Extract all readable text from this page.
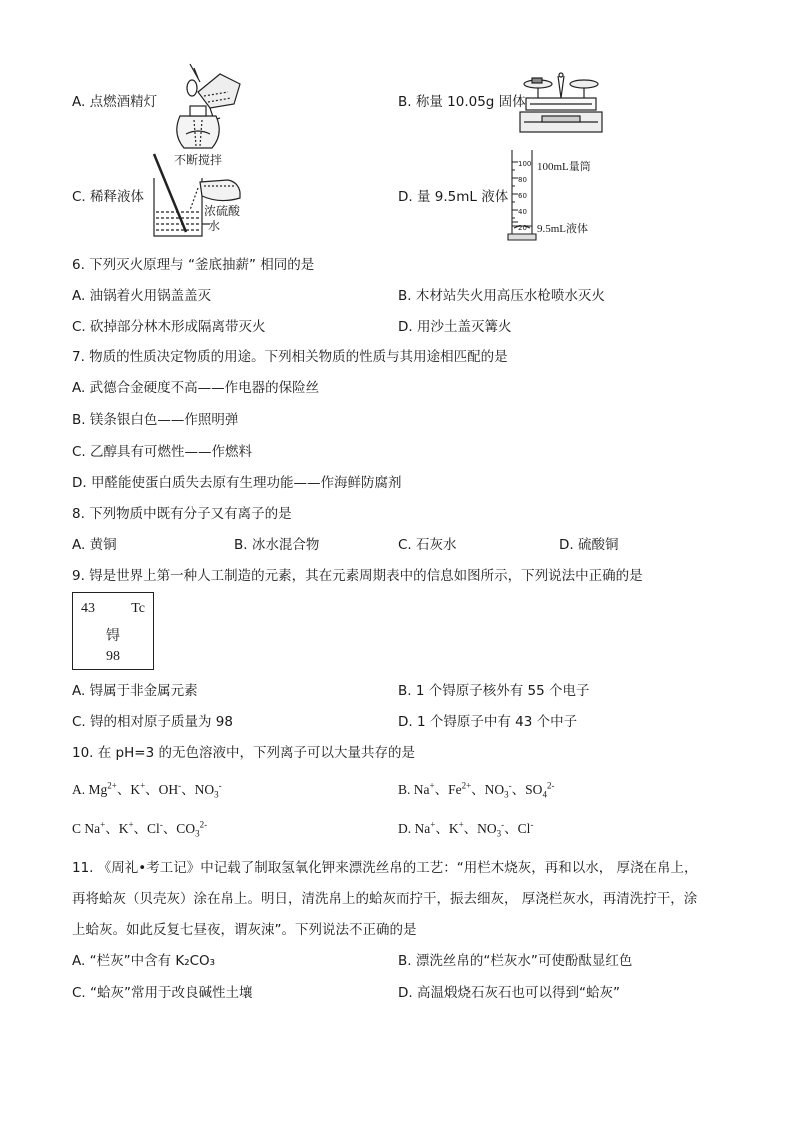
A. 点燃酒精灯	B. 称量 10.05g 固体
C. 稀释液体	D. 量 9.5mL 液体
不断搅拌
浓硫酸
水
100
80
60
40
20
100mL量筒
9.5mL液体
6. 下列灭火原理与 “釜底抽薪” 相同的是
A. 油锅着火用锅盖盖灭	B. 木材站失火用高压水枪喷水灭火
C. 砍掉部分林木形成隔离带灭火	D. 用沙土盖灭篝火
7. 物质的性质决定物质的用途。下列相关物质的性质与其用途相匹配的是
A. 武德合金硬度不高——作电器的保险丝
B. 镁条银白色——作照明弹
C. 乙醇具有可燃性——作燃料
D. 甲醛能使蛋白质失去原有生理功能——作海鲜防腐剂
8. 下列物质中既有分子又有离子的是
A. 黄铜	B. 冰水混合物	C. 石灰水	D. 硫酸铜
9. 锝是世界上第一种人工制造的元素，其在元素周期表中的信息如图所示，下列说法中正确的是
43	Tc
锝
98
A. 锝属于非金属元素	B. 1 个锝原子核外有 55 个电子
C. 锝的相对原子质量为 98	D. 1 个锝原子中有 43 个中子
10. 在 pH=3 的无色溶液中，下列离子可以大量共存的是
A. $Mg^{2+}$、K+、OH-、$NO_3^-$	B. Na+、$Fe^{2+}$、$NO_3^-$、$SO_4^{2-}$
C Na+、K+、Cl-、$CO_3^{2-}$	D. Na+、K+、$NO_3^-$、Cl-
11. 《周礼•考工记》中记载了制取氢氧化钾来漂洗丝帛的工艺：“用栏木烧灰，再和以水， 厚浇在帛上，
再将蛤灰（贝壳灰）涂在帛上。明日，清洗帛上的蛤灰而拧干，振去细灰， 厚浇栏灰水，再清洗拧干，涂
上蛤灰。如此反复七昼夜，谓灰涑”。下列说法不正确的是
A. “栏灰”中含有 K₂CO₃	B. 漂洗丝帛的“栏灰水”可使酚酞显红色
C. “蛤灰”常用于改良碱性土壤	D. 高温煅烧石灰石也可以得到“蛤灰”
